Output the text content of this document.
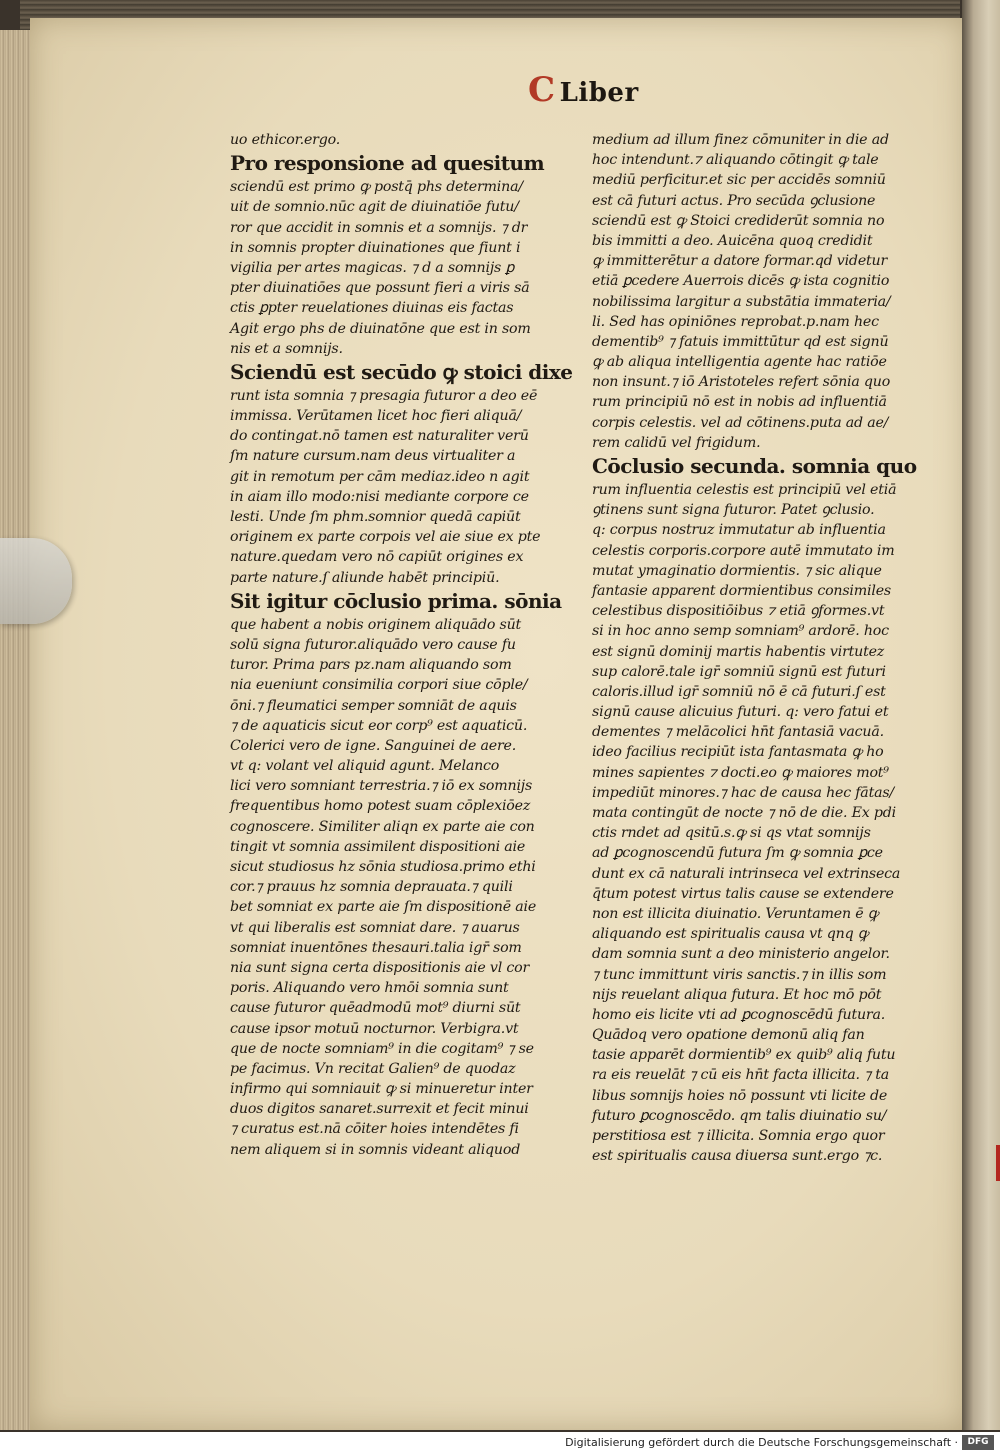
C Liber
uo ethicor.ergo.
Pro responsione ad quesitum
sciendū est primo ꝙ postq̄ phs determina/
uit de somnio.nūc agit de diuinatiōe futu/
ror que accidit in somnis et a somnijs. ⁊ dr
in somnis propter diuinationes que fiunt i
vigilia per artes magicas. ⁊ d a somnijs ꝑ
pter diuinatiōes que possunt fieri a viris sā
ctis ꝑpter reuelationes diuinas eis factas
Agit ergo phs de diuinatōne que est in som
nis et a somnijs.
Sciendū est secūdo ꝙ stoici dixe
runt ista somnia ⁊ presagia futuror a deo eē
immissa. Verūtamen licet hoc fieri aliquā/
do contingat.nō tamen est naturaliter verū
ſm nature cursum.nam deus virtualiter a
git in remotum per cām mediaz.ideo n agit
in aiam illo modo:nisi mediante corpore ce
lesti. Unde ſm phm.somnior quedā capiūt
originem ex parte corpois vel aie siue ex pte
nature.quedam vero nō capiūt origines ex
parte nature.ſ aliunde habēt principiū.
Sit igitur cōclusio prima. sōnia
que habent a nobis originem aliquādo sūt
solū signa futuror.aliquādo vero cause fu
turor. Prima pars pz.nam aliquando som
nia eueniunt consimilia corpori siue cōple/
ōni.⁊ fleumatici semper somniāt de aquis
⁊ de aquaticis sicut eor corp⁹ est aquaticū.
Colerici vero de igne. Sanguinei de aere.
vt q: volant vel aliquid agunt. Melanco
lici vero somniant terrestria.⁊ iō ex somnijs
frequentibus homo potest suam cōplexiōez
cognoscere. Similiter aliqn ex parte aie con
tingit vt somnia assimilent dispositioni aie
sicut studiosus hz sōnia studiosa.primo ethi
cor.⁊ prauus hz somnia deprauata.⁊ quili
bet somniat ex parte aie ſm dispositionē aie
vt qui liberalis est somniat dare. ⁊ auarus
somniat inuentōnes thesauri.talia igr̄ som
nia sunt signa certa dispositionis aie vl cor
poris. Aliquando vero hmōi somnia sunt
cause futuror quēadmodū mot⁹ diurni sūt
cause ipsor motuū nocturnor. Verbigra.vt
que de nocte somniam⁹ in die cogitam⁹ ⁊ se
pe facimus. Vn recitat Galien⁹ de quodaz
infirmo qui somniauit ꝙ si minueretur inter
duos digitos sanaret.surrexit et fecit minui
⁊ curatus est.nā cōiter hoies intendētes fi
nem aliquem si in somnis videant aliquod
medium ad illum finez cōmuniter in die ad
hoc intendunt.⁊ aliquando cōtingit ꝙ tale
mediū perficitur.et sic per accidēs somniū
est cā futuri actus. Pro secūda ꝯclusione
sciendū est ꝙ Stoici crediderūt somnia no
bis immitti a deo. Auicēna quoq credidit
ꝙ immitterētur a datore formar.qd videtur
etiā ꝑcedere Auerrois dicēs ꝙ ista cognitio
nobilissima largitur a substātia immateria/
li. Sed has opiniōnes reprobat.p.nam hec
dementib⁹ ⁊ fatuis immittūtur qd est signū
ꝙ ab aliqua intelligentia agente hac ratiōe
non insunt.⁊ iō Aristoteles refert sōnia quo
rum principiū nō est in nobis ad influentiā
corpis celestis. vel ad cōtinens.puta ad ae/
rem calidū vel frigidum.
Cōclusio secunda. somnia quo
rum influentia celestis est principiū vel etiā
ꝯtinens sunt signa futuror. Patet ꝯclusio.
q: corpus nostruz immutatur ab influentia
celestis corporis.corpore autē immutato im
mutat ymaginatio dormientis. ⁊ sic alique
fantasie apparent dormientibus consimiles
celestibus dispositiōibus ⁊ etiā ꝯformes.vt
si in hoc anno semp somniam⁹ ardorē. hoc
est signū dominij martis habentis virtutez
sup calorē.tale igr̄ somniū signū est futuri
caloris.illud igr̄ somniū nō ē cā futuri.ſ est
signū cause alicuius futuri. q: vero fatui et
dementes ⁊ melācolici hn̄t fantasiā vacuā.
ideo facilius recipiūt ista fantasmata ꝙ ho
mines sapientes ⁊ docti.eo ꝙ maiores mot⁹
impediūt minores.⁊ hac de causa hec fātas/
mata contingūt de nocte ⁊ nō de die. Ex pdi
ctis rndet ad qsitū.s.ꝙ si qs vtat somnijs
ad ꝑcognoscendū futura ſm ꝙ somnia ꝑce
dunt ex cā naturali intrinseca vel extrinseca
q̄tum potest virtus talis cause se extendere
non est illicita diuinatio. Veruntamen ē ꝙ
aliquando est spiritualis causa vt qnq ꝙ
dam somnia sunt a deo ministerio angelor.
⁊ tunc immittunt viris sanctis.⁊ in illis som
nijs reuelant aliqua futura. Et hoc mō pōt
homo eis licite vti ad ꝑcognoscēdū futura.
Quādoq vero opatione demonū aliq fan
tasie apparēt dormientib⁹ ex quib⁹ aliq futu
ra eis reuelāt ⁊ cū eis hn̄t facta illicita. ⁊ ta
libus somnijs hoies nō possunt vti licite de
futuro ꝑcognoscēdo. qm talis diuinatio su/
perstitiosa est ⁊ illicita. Somnia ergo quor
est spiritualis causa diuersa sunt.ergo ⁊c.
Digitalisierung gefördert durch die Deutsche Forschungsgemeinschaft ·	DFG
